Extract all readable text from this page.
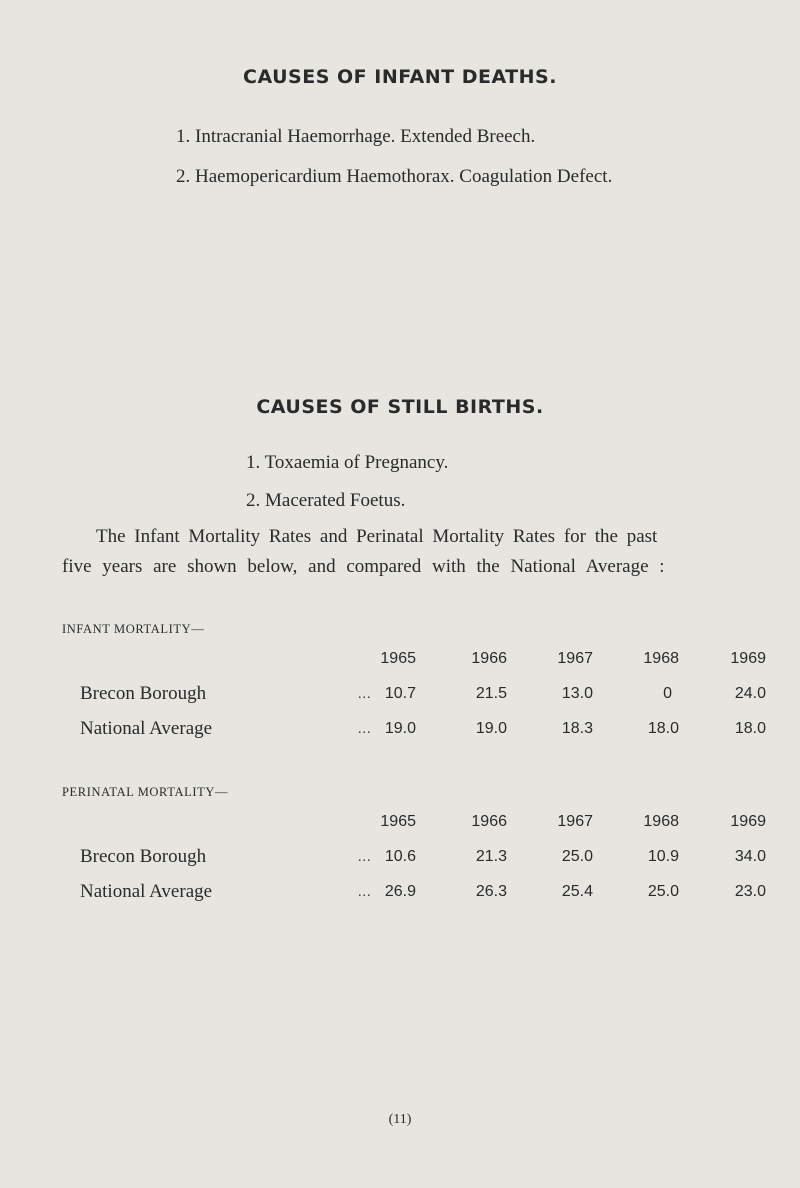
CAUSES OF INFANT DEATHS.
1. Intracranial Haemorrhage. Extended Breech.
2. Haemopericardium Haemothorax. Coagulation Defect.
CAUSES OF STILL BIRTHS.
1. Toxaemia of Pregnancy.
2. Macerated Foetus.
The Infant Mortality Rates and Perinatal Mortality Rates for the past
five years are shown below, and compared with the National Average :
INFANT MORTALITY—
1965	1966	1967	1968	1969
Brecon Borough	... 10.7	21.5	13.0	0	24.0
National Average	... 19.0	19.0	18.3	18.0	18.0
PERINATAL MORTALITY—
1965	1966	1967	1968	1969
Brecon Borough	... 10.6	21.3	25.0	10.9	34.0
National Average	... 26.9	26.3	25.4	25.0	23.0
(11)
